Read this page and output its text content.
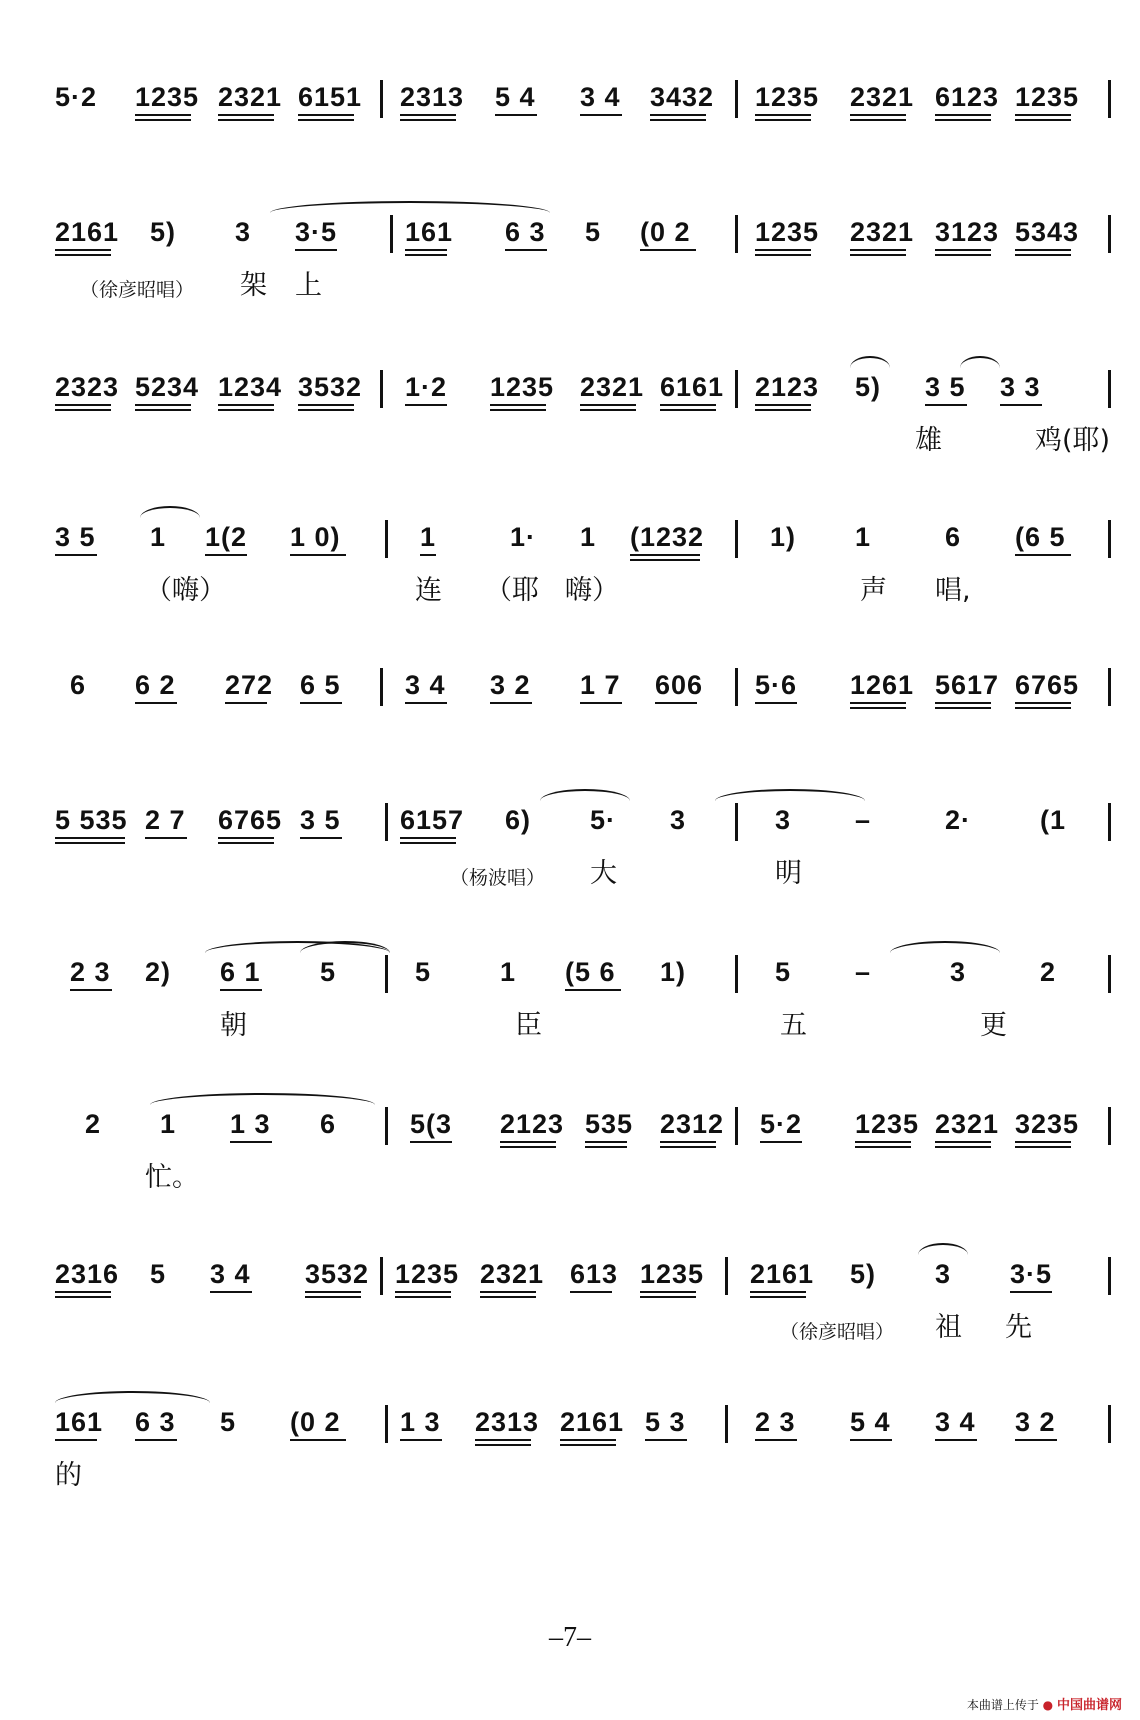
5·2 1235 2321 6151 2313 5 4 3 4 3432 1235 2321 6123 1235
2161 5) 3 3·5	161 6 3 5 (0 2 1235 2321 3123 5343
（徐彦昭唱） 架 上
2323 5234 1234 3532 1·2 1235 2321 6161 2123 5) 3 5 3 3
雄	鸡(耶)
3 5 1 1(2 1 0)	1	1· 1 (1232 1) 1	6 (6 5
（嗨）	连 （耶 嗨）	声 唱,
6 6 2 272 6 5 3 4 3 2 1 7 606 5·6 1261 5617 6765
5 535 2 7 6765 3 5 6157 6) 5· 3	3 –	2·	(1
（杨波唱） 大	明
2 3 2) 6 1 5	5	1 (5 6 1)	5 –	3	2
朝	臣	五	更
2 1 1 3 6	5(3 2123 535 2312 5·2 1235 2321 3235
忙。
2316 5 3 4 3532 1235 2321 613 1235 2161 5) 3 3·5
（徐彦昭唱） 祖 先
161 6 3 5 (0 2 1 3 2313 2161 5 3	2 3 5 4 3 4 3 2
的
–7–
本曲谱上传于 ● 中国曲谱网
